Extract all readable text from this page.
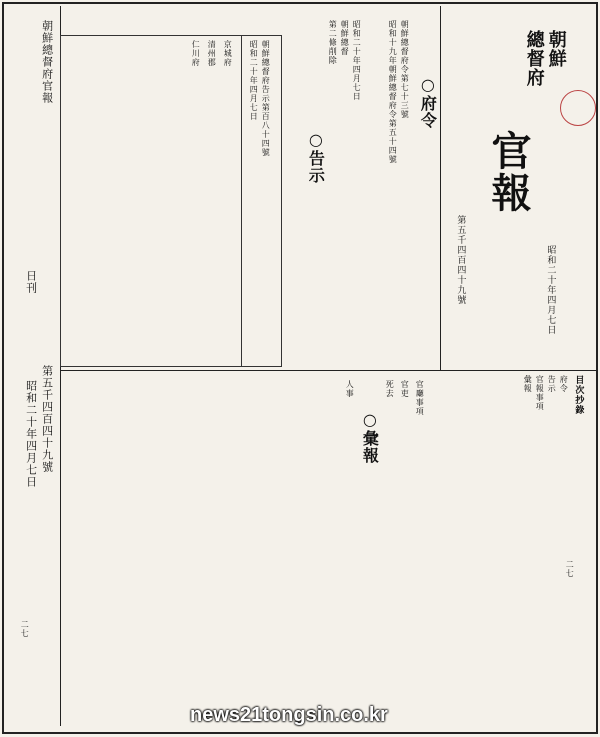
朝鮮總督府官報
第五千四百四十九號
日刊
昭和二十年四月七日
朝鮮
總督府
官報
第五千四百四十九號	昭和二十年四月七日
○府令
朝鮮總督府令第七十三號
昭和十九年朝鮮總督府令第五十四號
昭和二十年四月七日
朝鮮總督
第二條削除
○告示
朝鮮總督府告示第百八十四號
昭和二十年四月七日
京城府
清州郡
仁川府
目次抄錄
府令
告示
官報事項
彙報
○彙報
官廳事項
官吏
死去
人事
二七
二七
news21tongsin.co.kr
